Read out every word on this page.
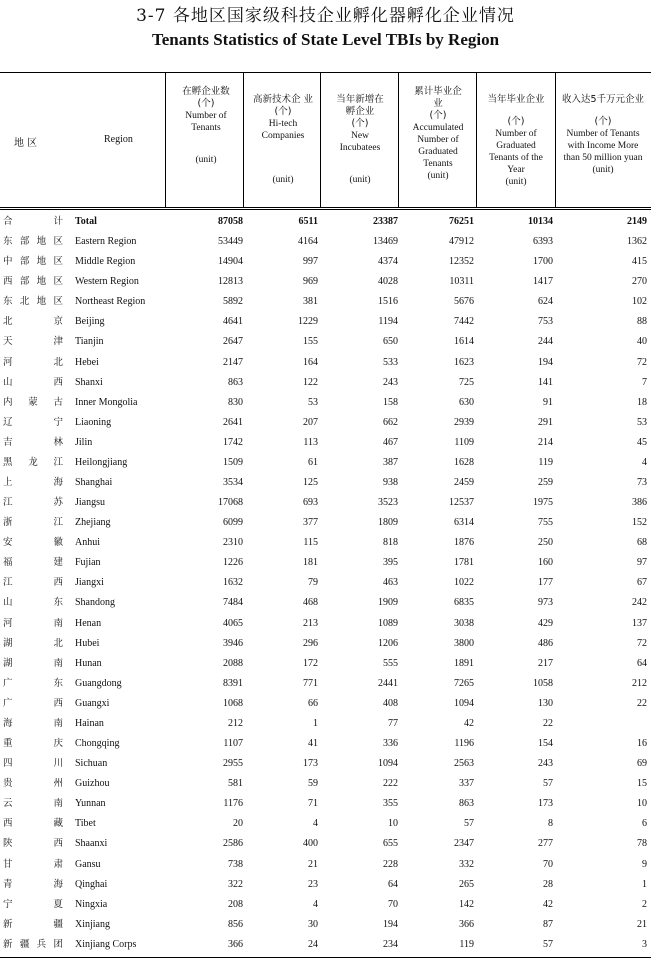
3-7 各地区国家级科技企业孵化器孵化企业情况
Tenants Statistics of State Level TBIs by Region
地 区	Region
在孵企业数
(个)
Number of Tenants
(unit)
高新技术企 业
(个)
Hi-tech Companies
(unit)
当年新增在孵企业
(个)
New Incubatees
(unit)
累计毕业企 业
(个)
Accumulated Number of Graduated Tenants
(unit)
当年毕业企业
(个)
Number of Graduated Tenants of the Year
(unit)
收入达5千万元企业
(个)
Number of Tenants with Income More than 50 million yuan
(unit)
合计 Total	87058	6511	23387	76251	10134	2149
东部地区 Eastern Region	53449	4164	13469	47912	6393	1362
中部地区 Middle Region	14904	997	4374	12352	1700	415
西部地区 Western Region	12813	969	4028	10311	1417	270
东北地区 Northeast Region	5892	381	1516	5676	624	102
北京 Beijing	4641	1229	1194	7442	753	88
天津 Tianjin	2647	155	650	1614	244	40
河北 Hebei	2147	164	533	1623	194	72
山西 Shanxi	863	122	243	725	141	7
内蒙古 Inner Mongolia	830	53	158	630	91	18
辽宁 Liaoning	2641	207	662	2939	291	53
吉林 Jilin	1742	113	467	1109	214	45
黑龙江 Heilongjiang	1509	61	387	1628	119	4
上海 Shanghai	3534	125	938	2459	259	73
江苏 Jiangsu	17068	693	3523	12537	1975	386
浙江 Zhejiang	6099	377	1809	6314	755	152
安徽 Anhui	2310	115	818	1876	250	68
福建 Fujian	1226	181	395	1781	160	97
江西 Jiangxi	1632	79	463	1022	177	67
山东 Shandong	7484	468	1909	6835	973	242
河南 Henan	4065	213	1089	3038	429	137
湖北 Hubei	3946	296	1206	3800	486	72
湖南 Hunan	2088	172	555	1891	217	64
广东 Guangdong	8391	771	2441	7265	1058	212
广西 Guangxi	1068	66	408	1094	130	22
海南 Hainan	212	1	77	42	22
重庆 Chongqing	1107	41	336	1196	154	16
四川 Sichuan	2955	173	1094	2563	243	69
贵州 Guizhou	581	59	222	337	57	15
云南 Yunnan	1176	71	355	863	173	10
西藏 Tibet	20	4	10	57	8	6
陕西 Shaanxi	2586	400	655	2347	277	78
甘肃 Gansu	738	21	228	332	70	9
青海 Qinghai	322	23	64	265	28	1
宁夏 Ningxia	208	4	70	142	42	2
新疆 Xinjiang	856	30	194	366	87	21
新疆兵团 Xinjiang Corps	366	24	234	119	57	3
